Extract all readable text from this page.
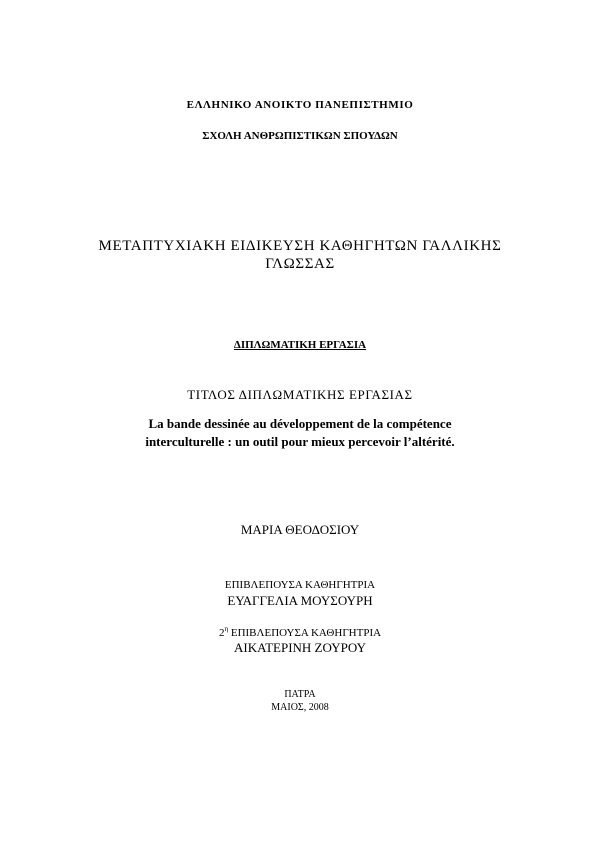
ΕΛΛΗΝΙΚΟ ΑΝΟΙΚΤΟ ΠΑΝΕΠΙΣΤΗΜΙΟ
ΣΧΟΛΗ ΑΝΘΡΩΠΙΣΤΙΚΩΝ ΣΠΟΥΔΩΝ
ΜΕΤΑΠΤΥΧΙΑΚΗ ΕΙΔΙΚΕΥΣΗ ΚΑΘΗΓΗΤΩΝ ΓΑΛΛΙΚΗΣ
ΓΛΩΣΣΑΣ
ΔΙΠΛΩΜΑΤΙΚΗ ΕΡΓΑΣΙΑ
ΤΙΤΛΟΣ ΔΙΠΛΩΜΑΤΙΚΗΣ ΕΡΓΑΣΙΑΣ
La bande dessinée au développement de la compétence
interculturelle : un outil pour mieux percevoir l’altérité.
ΜΑΡΙΑ ΘΕΟΔΟΣΙΟΥ
ΕΠΙΒΛΕΠΟΥΣΑ ΚΑΘΗΓΗΤΡΙΑ
ΕΥΑΓΓΕΛΙΑ ΜΟΥΣΟΥΡΗ
$2^\eta$ ΕΠΙΒΛΕΠΟΥΣΑ ΚΑΘΗΓΗΤΡΙΑ
ΑΙΚΑΤΕΡΙΝΗ ΖΟΥΡΟΥ
ΠΑΤΡΑ
ΜΑΙΟΣ, 2008
